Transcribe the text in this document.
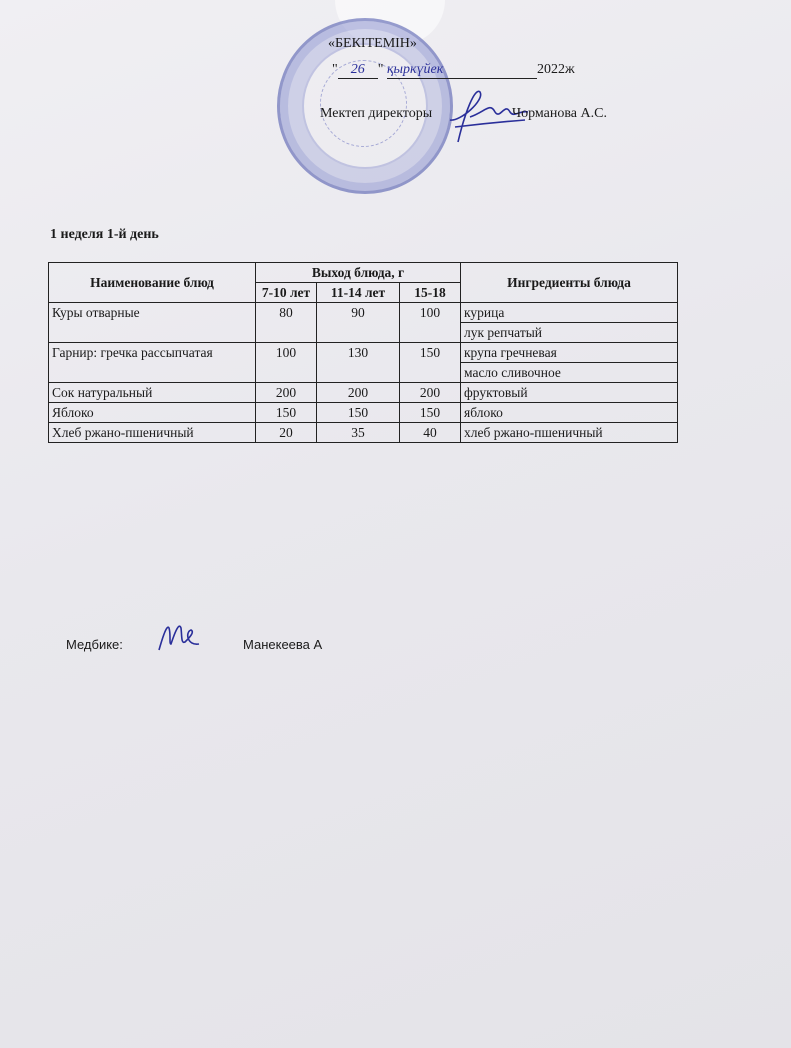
«БЕКІТЕМІН»
" 26 " қыркүйек	2022ж
Мектеп директоры	Чорманова А.С.
1 неделя 1-й день
Наименование блюд	Выход блюда, г			Ингредиенты блюда
	7-10 лет	11-14 лет	15-18	
Куры отварные	80	90	100	курица
				лук репчатый
Гарнир: гречка рассыпчатая	100	130	150	крупа гречневая
				масло сливочное
Сок натуральный	200	200	200	фруктовый
Яблоко	150	150	150	яблоко
Хлеб ржано-пшеничный	20	35	40	хлеб ржано-пшеничный
Медбике:	Манекеева А
